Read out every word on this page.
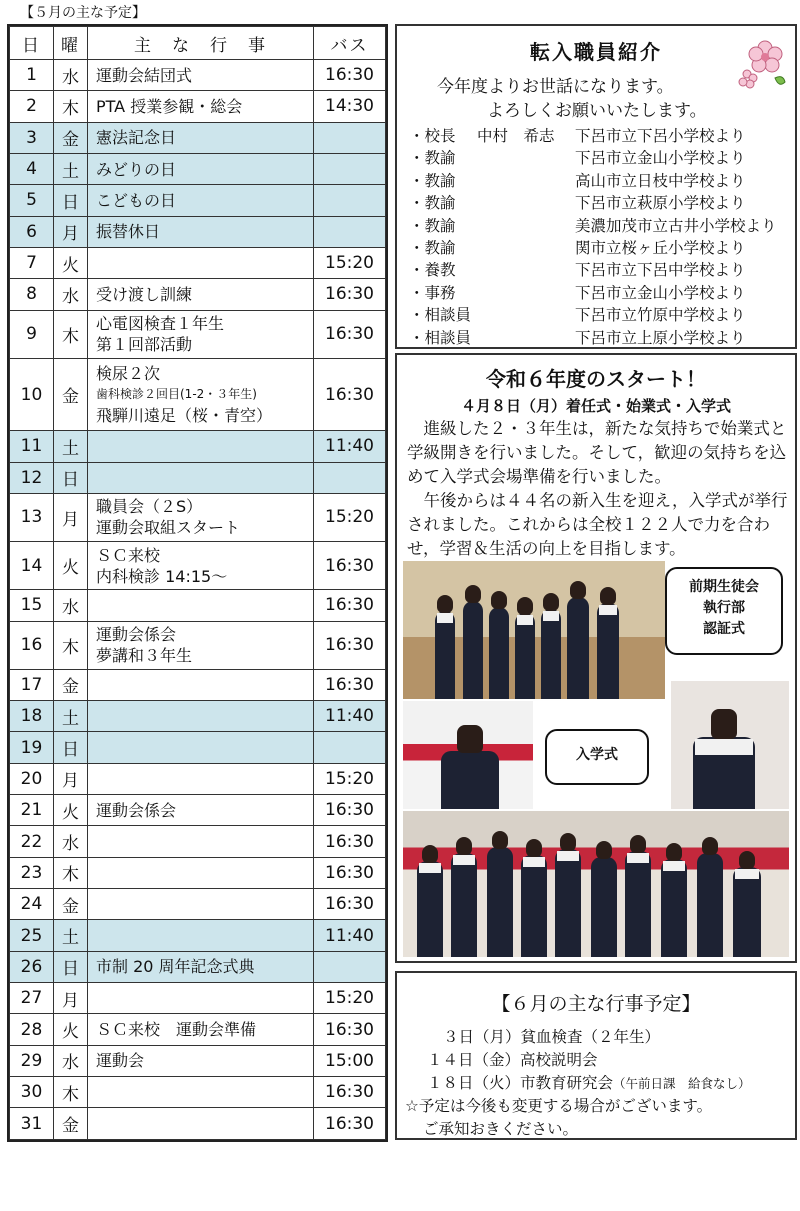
【５月の主な予定】
日	曜	主　な　行　事	バス
1	水	運動会結団式	16:30
2	木	PTA 授業参観・総会	14:30
3	金	憲法記念日	

4	土	みどりの日	

5	日	こどもの日	

6	月	振替休日	

7	火		15:20
8	水	受け渡し訓練	16:30
9	木	心電図検査１年生
第１回部活動	16:30
10	金	検尿２次
歯科検診２回目(1-2・３年生)
飛騨川遠足（桜・青空）	16:30
11	土		11:40
12	日		
13	月	職員会（２S）
運動会取組スタート	15:20
14	火	ＳＣ来校
内科検診 14:15～	16:30
15	水		16:30
16	木	運動会係会
夢講和３年生	16:30
17	金		16:30
18	土		11:40
19	日		
20	月		15:20
21	火	運動会係会	16:30
22	水		16:30
23	木		16:30
24	金		16:30
25	土		11:40
26	日	市制 20 周年記念式典	

27	月		15:20
28	火	ＳＣ来校　運動会準備	16:30
29	水	運動会	15:00
30	木		16:30
31	金		16:30
転入職員紹介
今年度よりお世話になります。
よろしくお願いいたします。
・校長 中村　希志 下呂市立下呂小学校より
・教諭	下呂市立金山小学校より
・教諭	高山市立日枝中学校より
・教諭	下呂市立萩原小学校より
・教諭	美濃加茂市立古井小学校より
・教諭	関市立桜ヶ丘小学校より
・養教	下呂市立下呂中学校より
・事務	下呂市立金山小学校より
・相談員	下呂市立竹原中学校より
・相談員	下呂市立上原小学校より
令和６年度のスタート！
４月８日（月）着任式・始業式・入学式

進級した２・３年生は，新たな気持ちで始業式と学級開きを行いました。そして，歓迎の気持ちを込めて入学式会場準備を行いました。

午後からは４４名の新入生を迎え，入学式が挙行されました。これからは全校１２２人で力を合わせ，学習＆生活の向上を目指します。

前期生徒会
執行部
認証式
入学式
【６月の主な行事予定】
３日（月）貧血検査（２年生）
１４日（金）高校説明会
１８日（火）市教育研究会（午前日課　給食なし）
☆予定は今後も変更する場合がございます。
ご承知おきください。
